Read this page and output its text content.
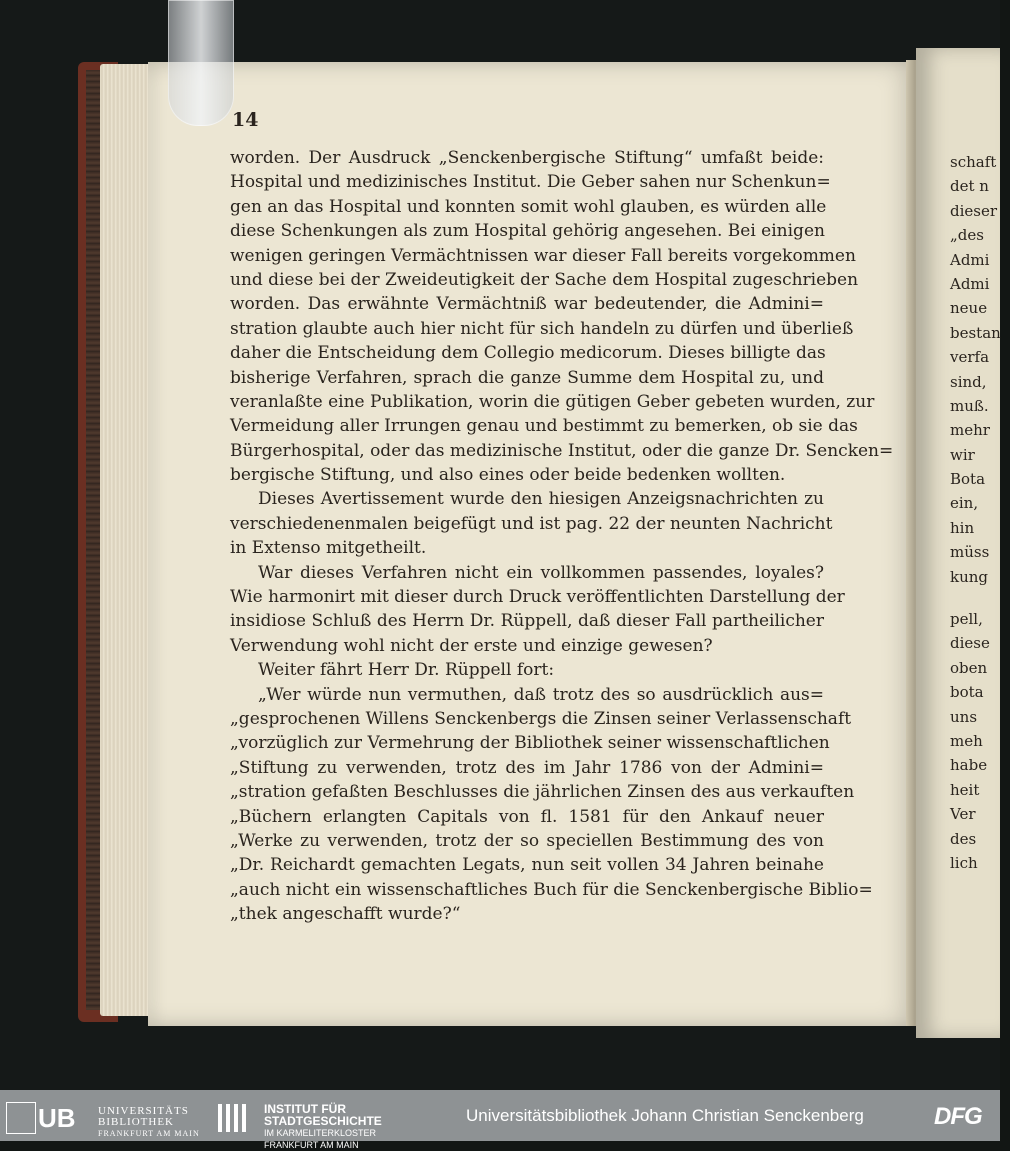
14
worden. Der Ausdruck „Senckenbergische Stiftung“ umfaßt beide:
Hospital und medizinisches Institut. Die Geber sahen nur Schenkun=
gen an das Hospital und konnten somit wohl glauben, es würden alle
diese Schenkungen als zum Hospital gehörig angesehen. Bei einigen
wenigen geringen Vermächtnissen war dieser Fall bereits vorgekommen
und diese bei der Zweideutigkeit der Sache dem Hospital zugeschrieben
worden. Das erwähnte Vermächtniß war bedeutender, die Admini=
stration glaubte auch hier nicht für sich handeln zu dürfen und überließ
daher die Entscheidung dem Collegio medicorum. Dieses billigte das
bisherige Verfahren, sprach die ganze Summe dem Hospital zu, und
veranlaßte eine Publikation, worin die gütigen Geber gebeten wurden, zur
Vermeidung aller Irrungen genau und bestimmt zu bemerken, ob sie das
Bürgerhospital, oder das medizinische Institut, oder die ganze Dr. Sencken=
bergische Stiftung, und also eines oder beide bedenken wollten.
Dieses Avertissement wurde den hiesigen Anzeigsnachrichten zu
verschiedenenmalen beigefügt und ist pag. 22 der neunten Nachricht
in Extenso mitgetheilt.
War dieses Verfahren nicht ein vollkommen passendes, loyales?
Wie harmonirt mit dieser durch Druck veröffentlichten Darstellung der
insidiose Schluß des Herrn Dr. Rüppell, daß dieser Fall partheilicher
Verwendung wohl nicht der erste und einzige gewesen?
Weiter fährt Herr Dr. Rüppell fort:
„Wer würde nun vermuthen, daß trotz des so ausdrücklich aus=
„gesprochenen Willens Senckenbergs die Zinsen seiner Verlassenschaft
„vorzüglich zur Vermehrung der Bibliothek seiner wissenschaftlichen
„Stiftung zu verwenden, trotz des im Jahr 1786 von der Admini=
„stration gefaßten Beschlusses die jährlichen Zinsen des aus verkauften
„Büchern erlangten Capitals von fl. 1581 für den Ankauf neuer
„Werke zu verwenden, trotz der so speciellen Bestimmung des von
„Dr. Reichardt gemachten Legats, nun seit vollen 34 Jahren beinahe
„auch nicht ein wissenschaftliches Buch für die Senckenbergische Biblio=
„thek angeschafft wurde?“
schaft
det n
dieser
„des
Admi
Admi
neue
bestan
verfa
sind,
muß.
mehr
wir
Bota
ein,
hin
müss
kung
pell,
diese
oben
bota
uns
meh
habe
heit
Ver
des
lich
UB UNIVERSITÄTS
BIBLIOTHEK
FRANKFURT AM MAIN
INSTITUT FÜR
STADTGESCHICHTE
IM KARMELITERKLOSTER
FRANKFURT AM MAIN
Universitätsbibliothek Johann Christian Senckenberg	DFG
